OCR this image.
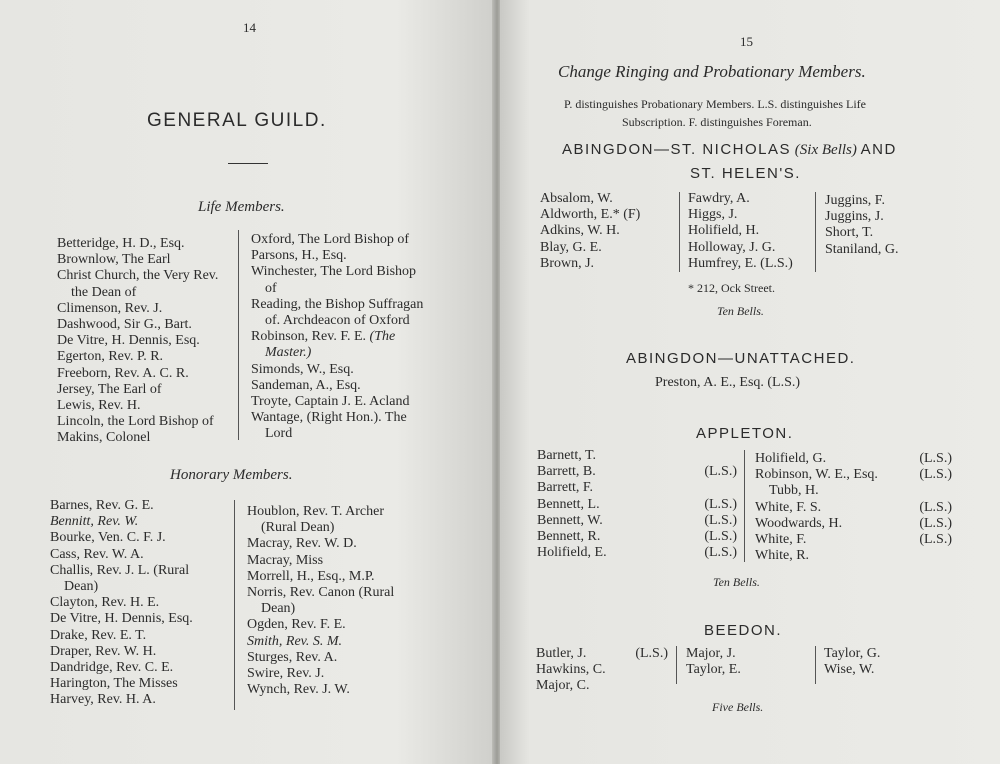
14
GENERAL GUILD.
Life Members.
Betteridge, H. D., Esq.
Brownlow, The Earl
Christ Church, the Very Rev.
the Dean of
Climenson, Rev. J.
Dashwood, Sir G., Bart.
De Vitre, H. Dennis, Esq.
Egerton, Rev. P. R.
Freeborn, Rev. A. C. R.
Jersey, The Earl of
Lewis, Rev. H.
Lincoln, the Lord Bishop of
Makins, Colonel
Oxford, The Lord Bishop of
Parsons, H., Esq.
Winchester, The Lord Bishop
of
Reading, the Bishop Suffragan
of. Archdeacon of Oxford
Robinson, Rev. F. E. (The
Master.)
Simonds, W., Esq.
Sandeman, A., Esq.
Troyte, Captain J. E. Acland
Wantage, (Right Hon.). The
Lord
Honorary Members.
Barnes, Rev. G. E.
Bennitt, Rev. W.
Bourke, Ven. C. F. J.
Cass, Rev. W. A.
Challis, Rev. J. L. (Rural
Dean)
Clayton, Rev. H. E.
De Vitre, H. Dennis, Esq.
Drake, Rev. E. T.
Draper, Rev. W. H.
Dandridge, Rev. C. E.
Harington, The Misses
Harvey, Rev. H. A.
Houblon, Rev. T. Archer
(Rural Dean)
Macray, Rev. W. D.
Macray, Miss
Morrell, H., Esq., M.P.
Norris, Rev. Canon (Rural
Dean)
Ogden, Rev. F. E.
Smith, Rev. S. M.
Sturges, Rev. A.
Swire, Rev. J.
Wynch, Rev. J. W.
15
Change Ringing and Probationary Members.
P. distinguishes Probationary Members. L.S. distinguishes Life
Subscription. F. distinguishes Foreman.
ABINGDON—ST. NICHOLAS (Six Bells) AND
ST. HELEN'S.
Absalom, W.
Aldworth, E.* (F)
Adkins, W. H.
Blay, G. E.
Brown, J.
Fawdry, A.
Higgs, J.
Holifield, H.
Holloway, J. G.
Humfrey, E. (L.S.)
Juggins, F.
Juggins, J.
Short, T.
Staniland, G.
* 212, Ock Street.
Ten Bells.
ABINGDON—UNATTACHED.
Preston, A. E., Esq. (L.S.)
APPLETON.
Barnett, T.
Barrett, B.	(L.S.)
Barrett, F.
Bennett, L.	(L.S.)
Bennett, W.	(L.S.)
Bennett, R.	(L.S.)
Holifield, E.	(L.S.)
Holifield, G.	(L.S.)
Robinson, W. E., Esq.	(L.S.)
Tubb, H.
White, F. S.	(L.S.)
Woodwards, H.	(L.S.)
White, F.	(L.S.)
White, R.
Ten Bells.
BEEDON.
Butler, J.	(L.S.)
Hawkins, C.
Major, C.
Major, J.
Taylor, E.
Taylor, G.
Wise, W.
Five Bells.
